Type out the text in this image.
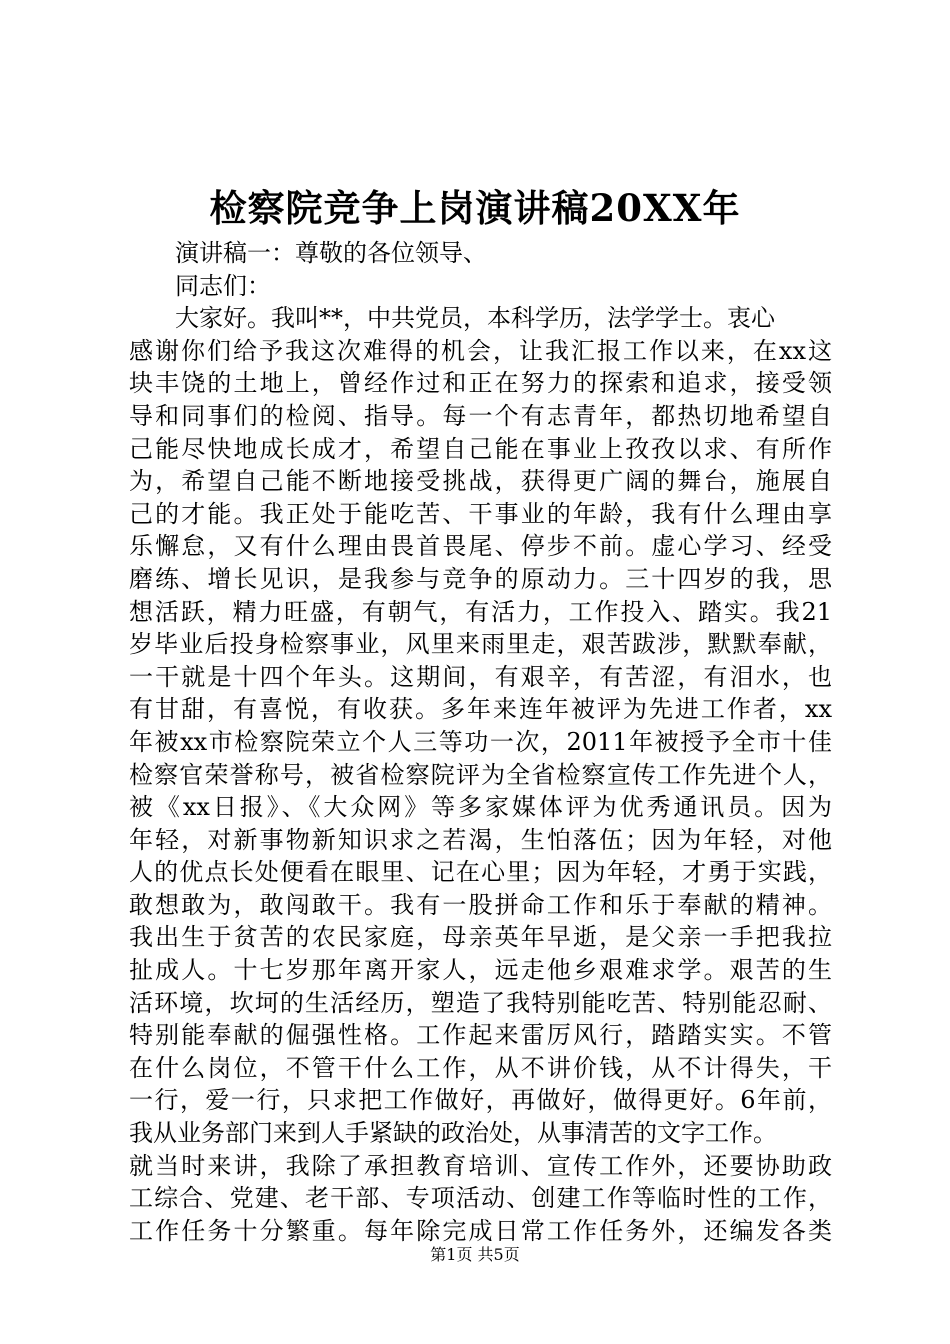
检察院竞争上岗演讲稿20XX年
演讲稿一：尊敬的各位领导、
同志们：
大家好。我叫**，中共党员，本科学历，法学学士。衷心
感谢你们给予我这次难得的机会，让我汇报工作以来，在xx这
块丰饶的土地上，曾经作过和正在努力的探索和追求，接受领
导和同事们的检阅、指导。每一个有志青年，都热切地希望自
己能尽快地成长成才，希望自己能在事业上孜孜以求、有所作
为，希望自己能不断地接受挑战，获得更广阔的舞台，施展自
己的才能。我正处于能吃苦、干事业的年龄，我有什么理由享
乐懈怠，又有什么理由畏首畏尾、停步不前。虚心学习、经受
磨练、增长见识，是我参与竞争的原动力。三十四岁的我，思
想活跃，精力旺盛，有朝气，有活力，工作投入、踏实。我21
岁毕业后投身检察事业，风里来雨里走，艰苦跋涉，默默奉献，
一干就是十四个年头。这期间，有艰辛，有苦涩，有泪水，也
有甘甜，有喜悦，有收获。多年来连年被评为先进工作者，xx
年被xx市检察院荣立个人三等功一次，2011年被授予全市十佳
检察官荣誉称号，被省检察院评为全省检察宣传工作先进个人，
被《xx日报》、《大众网》等多家媒体评为优秀通讯员。因为
年轻，对新事物新知识求之若渴，生怕落伍；因为年轻，对他
人的优点长处便看在眼里、记在心里；因为年轻，才勇于实践，
敢想敢为，敢闯敢干。我有一股拼命工作和乐于奉献的精神。
我出生于贫苦的农民家庭，母亲英年早逝，是父亲一手把我拉
扯成人。十七岁那年离开家人，远走他乡艰难求学。艰苦的生
活环境，坎坷的生活经历，塑造了我特别能吃苦、特别能忍耐、
特别能奉献的倔强性格。工作起来雷厉风行，踏踏实实。不管
在什么岗位，不管干什么工作，从不讲价钱，从不计得失，干
一行，爱一行，只求把工作做好，再做好，做得更好。6年前，
我从业务部门来到人手紧缺的政治处，从事清苦的文字工作。
就当时来讲，我除了承担教育培训、宣传工作外，还要协助政
工综合、党建、老干部、专项活动、创建工作等临时性的工作，
工作任务十分繁重。每年除完成日常工作任务外，还编发各类
第1页 共5页
